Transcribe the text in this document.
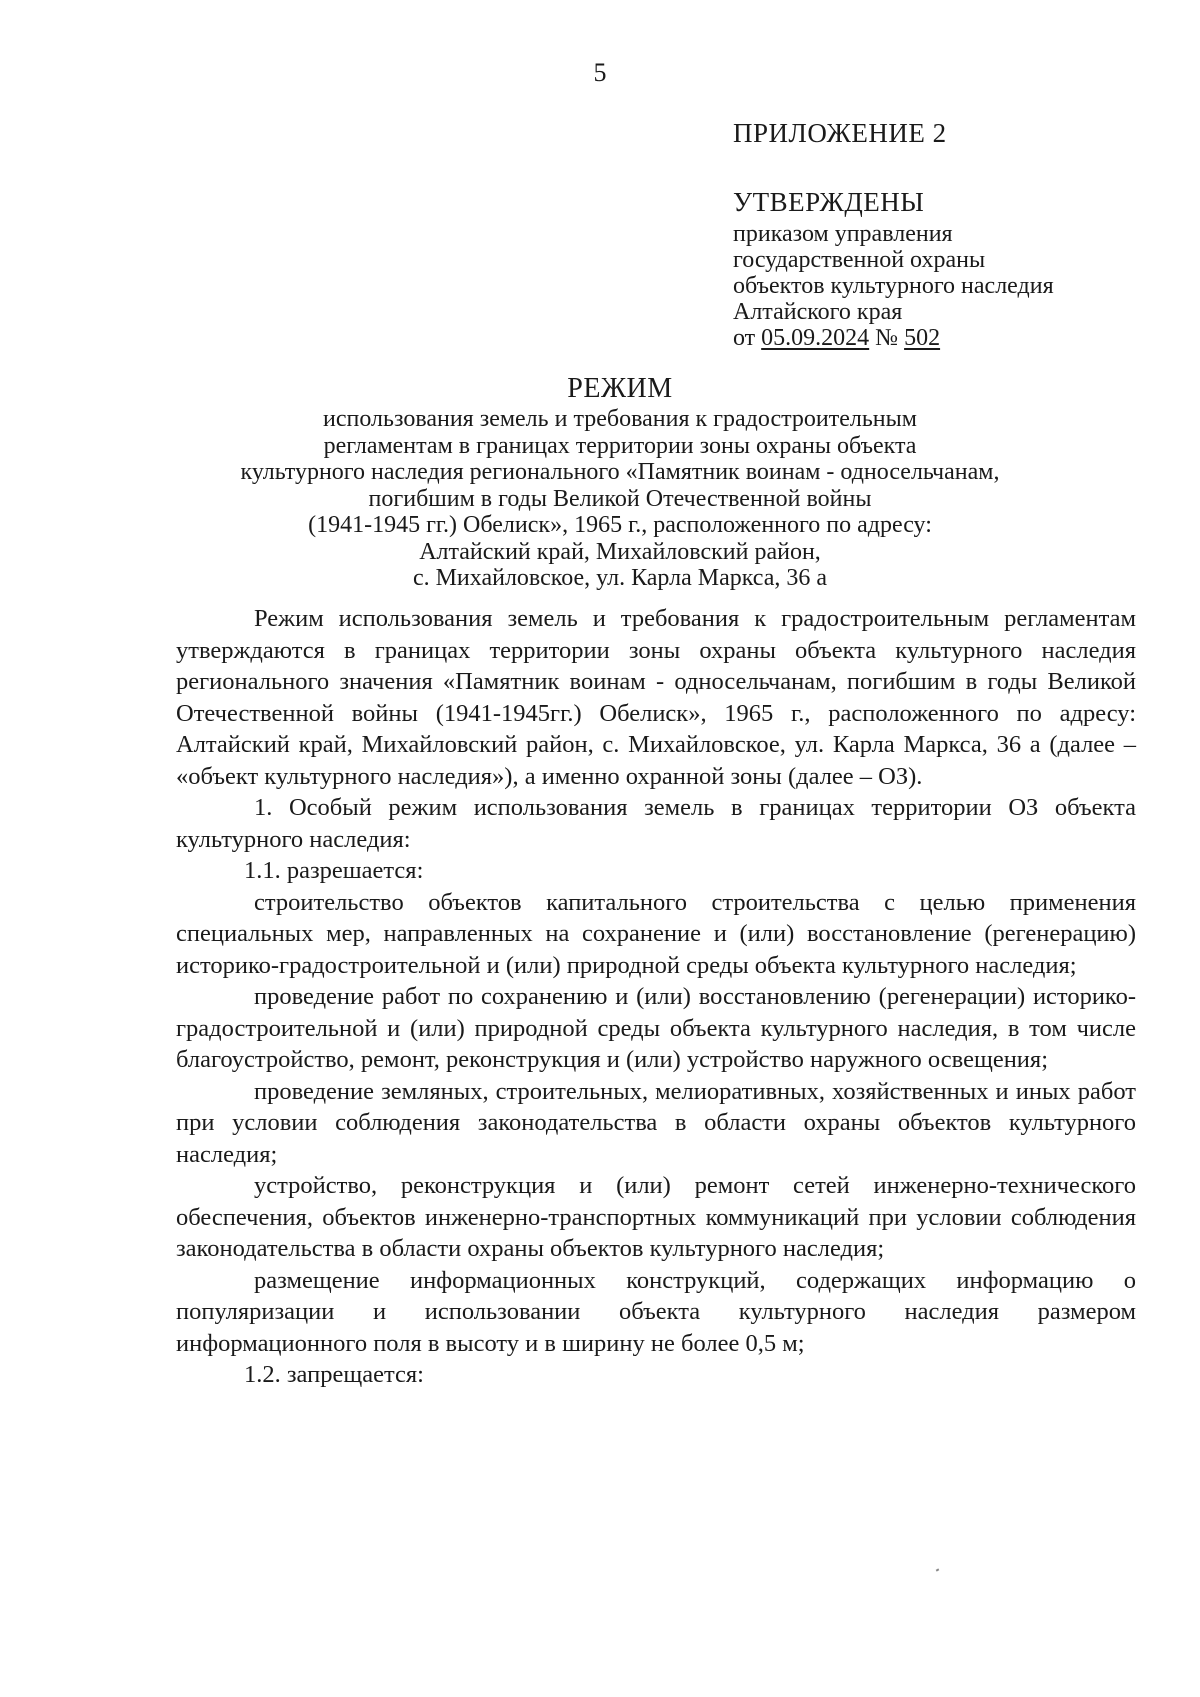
5
ПРИЛОЖЕНИЕ 2
УТВЕРЖДЕНЫ
приказом управления
государственной охраны
объектов культурного наследия
Алтайского края
от 05.09.2024 № 502
РЕЖИМ
использования земель и требования к градостроительным
регламентам в границах территории зоны охраны объекта
культурного наследия регионального «Памятник воинам - односельчанам,
погибшим в годы Великой Отечественной войны
(1941-1945 гг.) Обелиск», 1965 г., расположенного по адресу:
Алтайский край, Михайловский район,
с. Михайловское, ул. Карла Маркса, 36 а

Режим использования земель и требования к градостроительным регламентам утверждаются в границах территории зоны охраны объекта культурного наследия регионального значения «Памятник воинам - односельчанам, погибшим в годы Великой Отечественной войны (1941-1945гг.) Обелиск», 1965 г., расположенного по адресу: Алтайский край, Михайловский район, с. Михайловское, ул. Карла Маркса, 36 а (далее – «объект культурного наследия»), а именно охранной зоны (далее – ОЗ).

1. Особый режим использования земель в границах территории ОЗ объекта культурного наследия:

1.1. разрешается:

строительство объектов капитального строительства с целью применения специальных мер, направленных на сохранение и (или) восстановление (регенерацию) историко-градостроительной и (или) природной среды объекта культурного наследия;

проведение работ по сохранению и (или) восстановлению (регенерации) историко-градостроительной и (или) природной среды объекта культурного наследия, в том числе благоустройство, ремонт, реконструкция и (или) устройство наружного освещения;

проведение земляных, строительных, мелиоративных, хозяйственных и иных работ при условии соблюдения законодательства в области охраны объектов культурного наследия;

устройство, реконструкция и (или) ремонт сетей инженерно-технического обеспечения, объектов инженерно-транспортных коммуникаций при условии соблюдения законодательства в области охраны объектов культурного наследия;

размещение информационных конструкций, содержащих информацию о популяризации и использовании объекта культурного наследия размером информационного поля в высоту и в ширину не более 0,5 м;

1.2. запрещается:
